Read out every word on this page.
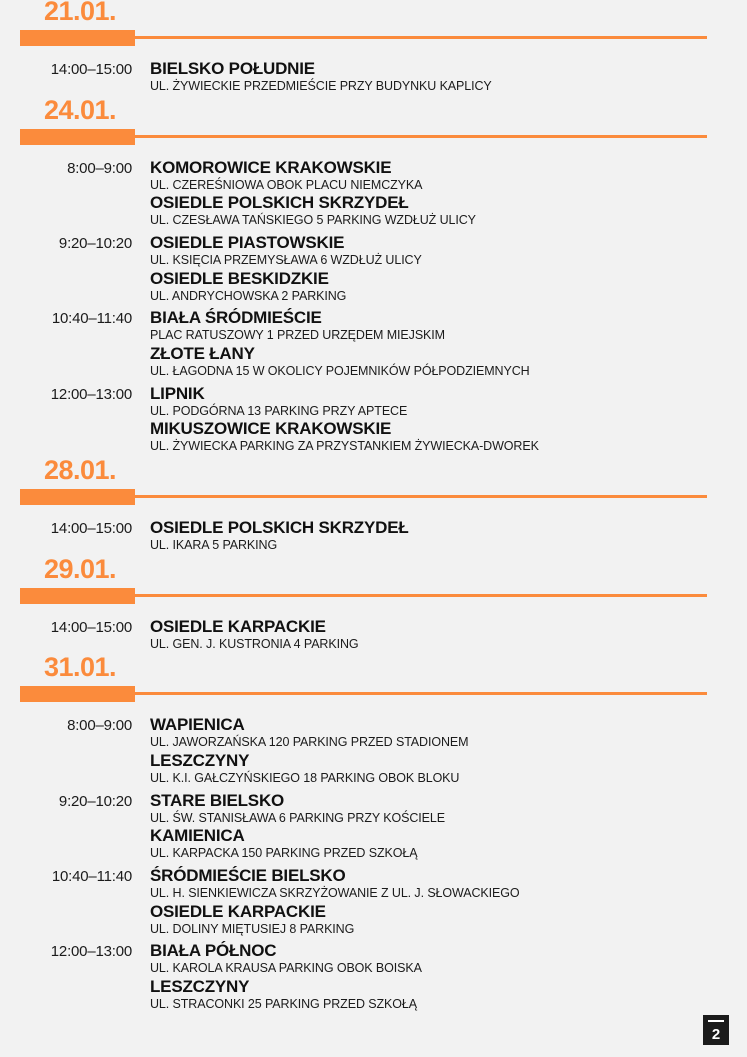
21.01.
14:00–15:00	BIELSKO POŁUDNIE
UL. ŻYWIECKIE PRZEDMIEŚCIE PRZY BUDYNKU KAPLICY
24.01.
8:00–9:00	KOMOROWICE KRAKOWSKIE
UL. CZEREŚNIOWA OBOK PLACU NIEMCZYKA
OSIEDLE POLSKICH SKRZYDEŁ
UL. CZESŁAWA TAŃSKIEGO 5 PARKING WZDŁUŻ ULICY
9:20–10:20	OSIEDLE PIASTOWSKIE
UL. KSIĘCIA PRZEMYSŁAWA 6 WZDŁUŻ ULICY
OSIEDLE BESKIDZKIE
UL. ANDRYCHOWSKA 2 PARKING
10:40–11:40	BIAŁA ŚRÓDMIEŚCIE
PLAC RATUSZOWY 1 PRZED URZĘDEM MIEJSKIM
ZŁOTE ŁANY
UL. ŁAGODNA 15 W OKOLICY POJEMNIKÓW PÓŁPODZIEMNYCH
12:00–13:00	LIPNIK
UL. PODGÓRNA 13 PARKING PRZY APTECE
MIKUSZOWICE KRAKOWSKIE
UL. ŻYWIECKA PARKING ZA PRZYSTANKIEM ŻYWIECKA-DWOREK
28.01.
14:00–15:00	OSIEDLE POLSKICH SKRZYDEŁ
UL. IKARA 5 PARKING
29.01.
14:00–15:00	OSIEDLE KARPACKIE
UL. GEN. J. KUSTRONIA 4 PARKING
31.01.
8:00–9:00	WAPIENICA
UL. JAWORZAŃSKA 120 PARKING PRZED STADIONEM
LESZCZYNY
UL. K.I. GAŁCZYŃSKIEGO 18 PARKING OBOK BLOKU
9:20–10:20	STARE BIELSKO
UL. ŚW. STANISŁAWA 6 PARKING PRZY KOŚCIELE
KAMIENICA
UL. KARPACKA 150 PARKING PRZED SZKOŁĄ
10:40–11:40	ŚRÓDMIEŚCIE BIELSKO
UL. H. SIENKIEWICZA SKRZYŻOWANIE Z UL. J. SŁOWACKIEGO
OSIEDLE KARPACKIE
UL. DOLINY MIĘTUSIEJ 8 PARKING
12:00–13:00	BIAŁA PÓŁNOC
UL. KAROLA KRAUSA PARKING OBOK BOISKA
LESZCZYNY
UL. STRACONKI 25 PARKING PRZED SZKOŁĄ
2
